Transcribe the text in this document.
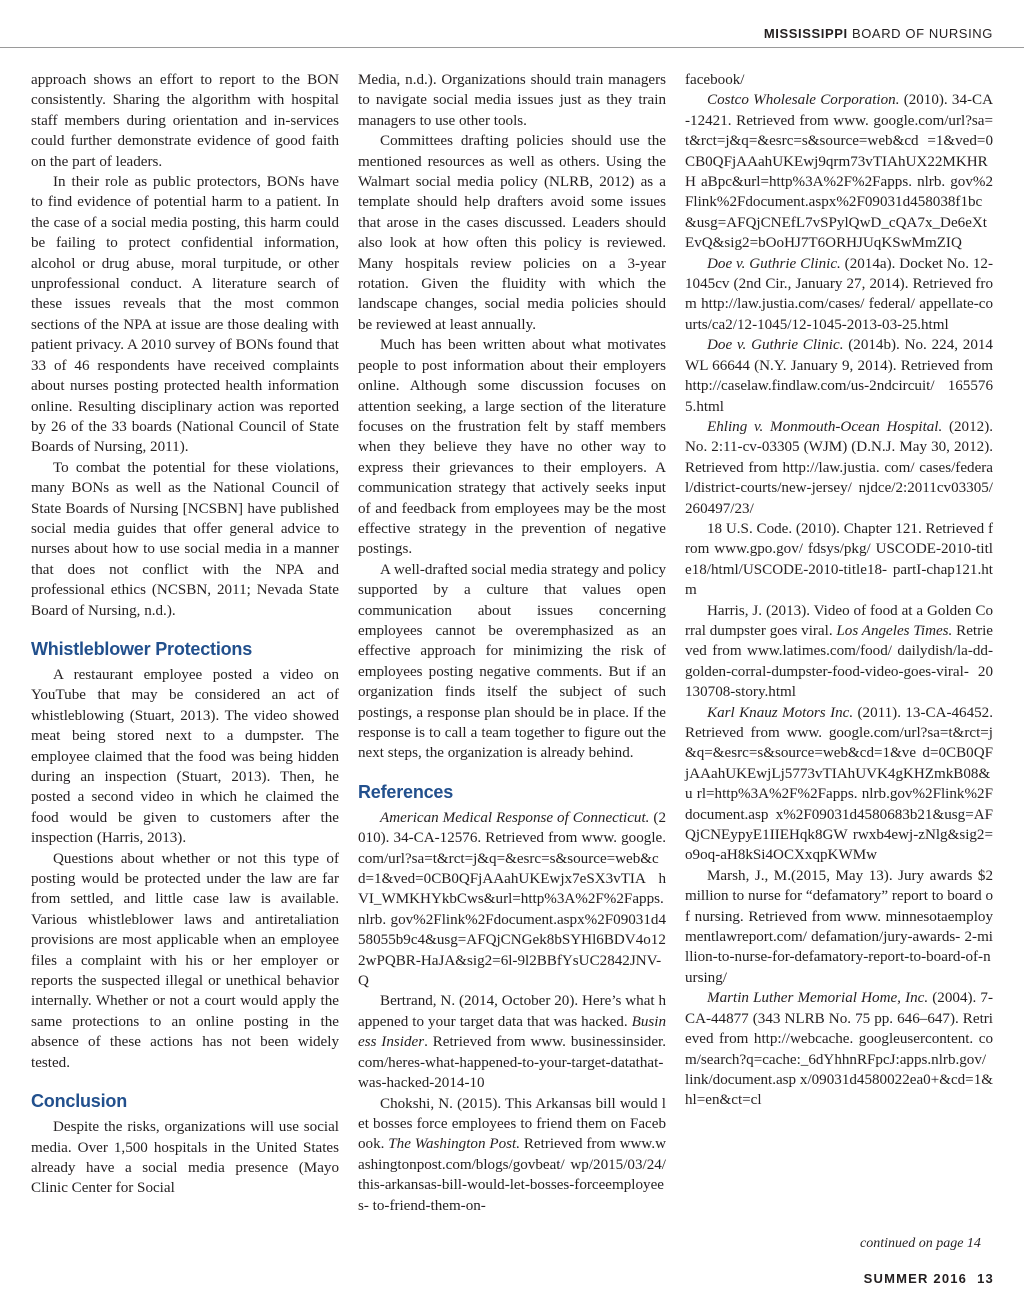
MISSISSIPPI BOARD OF NURSING

approach shows an effort to report to the BON consistently. Sharing the algorithm with hospital staff members during orientation and in-services could further demonstrate evidence of good faith on the part of leaders.

In their role as public protectors, BONs have to find evidence of potential harm to a patient. In the case of a social media posting, this harm could be failing to protect confidential information, alcohol or drug abuse, moral turpitude, or other unprofessional conduct. A literature search of these issues reveals that the most common sections of the NPA at issue are those dealing with patient privacy. A 2010 survey of BONs found that 33 of 46 respondents have received complaints about nurses posting protected health information online. Resulting disciplinary action was reported by 26 of the 33 boards (National Council of State Boards of Nursing, 2011).

To combat the potential for these violations, many BONs as well as the National Council of State Boards of Nursing [NCSBN] have published social media guides that offer general advice to nurses about how to use social media in a manner that does not conflict with the NPA and professional ethics (NCSBN, 2011; Nevada State Board of Nursing, n.d.).

Whistleblower Protections

A restaurant employee posted a video on YouTube that may be considered an act of whistleblowing (Stuart, 2013). The video showed meat being stored next to a dumpster. The employee claimed that the food was being hidden during an inspection (Stuart, 2013). Then, he posted a second video in which he claimed the food would be given to customers after the inspection (Harris, 2013).

Questions about whether or not this type of posting would be protected under the law are far from settled, and little case law is available. Various whistleblower laws and antiretaliation provisions are most applicable when an employee files a complaint with his or her employer or reports the suspected illegal or unethical behavior internally. Whether or not a court would apply the same protections to an online posting in the absence of these actions has not been widely tested.

Conclusion

Despite the risks, organizations will use social media. Over 1,500 hospitals in the United States already have a social media presence (Mayo Clinic Center for Social

Media, n.d.). Organizations should train managers to navigate social media issues just as they train managers to use other tools.

Committees drafting policies should use the mentioned resources as well as others. Using the Walmart social media policy (NLRB, 2012) as a template should help drafters avoid some issues that arose in the cases discussed. Leaders should also look at how often this policy is reviewed. Many hospitals review policies on a 3-year rotation. Given the fluidity with which the landscape changes, social media policies should be reviewed at least annually.

Much has been written about what motivates people to post information about their employers online. Although some discussion focuses on attention seeking, a large section of the literature focuses on the frustration felt by staff members when they believe they have no other way to express their grievances to their employers. A communication strategy that actively seeks input of and feedback from employees may be the most effective strategy in the prevention of negative postings.

A well-drafted social media strategy and policy supported by a culture that values open communication about issues concerning employees cannot be overemphasized as an effective approach for minimizing the risk of employees posting negative comments. But if an organization finds itself the subject of such postings, a response plan should be in place. If the response is to call a team together to figure out the next steps, the organization is already behind.

References

American Medical Response of Connecticut. (2010). 34-CA-12576. Retrieved from www. google.com/url?sa=t&rct=j&q=&esrc=s&source=web&cd=1&ved=0CB0QFjAAahUKEwjx7eSX3vTIA hVI_WMKHYkbCws&url=http%3A%2F%2Fapps.nlrb. gov%2Flink%2Fdocument.aspx%2F09031d458055b9c4&usg=AFQjCNGek8bSYHl6BDV4o122wPQBR-HaJA&sig2=6l-9l2BBfYsUC2842JNV-Q

Bertrand, N. (2014, October 20). Here’s what happened to your target data that was hacked. Business Insider. Retrieved from www. businessinsider.com/heres-what-happened-to-your-target-datathat- was-hacked-2014-10

Chokshi, N. (2015). This Arkansas bill would let bosses force employees to friend them on Facebook. The Washington Post. Retrieved from www.washingtonpost.com/blogs/govbeat/ wp/2015/03/24/this-arkansas-bill-would-let-bosses-forceemployees- to-friend-them-on-

facebook/

Costco Wholesale Corporation. (2010). 34-CA-12421. Retrieved from www. google.com/url?sa=t&rct=j&q=&esrc=s&source=web&cd =1&ved=0CB0QFjAAahUKEwj9qrm73vTIAhUX22MKHRH aBpc&url=http%3A%2F%2Fapps. nlrb. gov%2Flink%2Fdocument.aspx%2F09031d458038f1bc&usg=AFQjCNEfL7vSPylQwD_cQA7x_De6eXtEvQ&sig2=bOoHJ7T6ORHJUqKSwMmZIQ

Doe v. Guthrie Clinic. (2014a). Docket No. 12-1045cv (2nd Cir., January 27, 2014). Retrieved from http://law.justia.com/cases/ federal/ appellate-courts/ca2/12-1045/12-1045-2013-03-25.html

Doe v. Guthrie Clinic. (2014b). No. 224, 2014 WL 66644 (N.Y. January 9, 2014). Retrieved from http://caselaw.findlaw.com/us-2ndcircuit/ 1655765.html

Ehling v. Monmouth-Ocean Hospital. (2012). No. 2:11-cv-03305 (WJM) (D.N.J. May 30, 2012). Retrieved from http://law.justia. com/ cases/federal/district-courts/new-jersey/ njdce/2:2011cv03305/260497/23/

18 U.S. Code. (2010). Chapter 121. Retrieved from www.gpo.gov/ fdsys/pkg/ USCODE-2010-title18/html/USCODE-2010-title18- partI-chap121.htm

Harris, J. (2013). Video of food at a Golden Corral dumpster goes viral. Los Angeles Times. Retrieved from www.latimes.com/food/ dailydish/la-dd-golden-corral-dumpster-food-video-goes-viral- 20130708-story.html

Karl Knauz Motors Inc. (2011). 13-CA-46452. Retrieved from www. google.com/url?sa=t&rct=j&q=&esrc=s&source=web&cd=1&ve d=0CB0QFjAAahUKEwjLj5773vTIAhUVK4gKHZmkB08&u rl=http%3A%2F%2Fapps. nlrb.gov%2Flink%2Fdocument.asp x%2F09031d4580683b21&usg=AFQjCNEypyE1IIEHqk8GW rwxb4ewj-zNlg&sig2=o9oq-aH8kSi4OCXxqpKWMw

Marsh, J., M.(2015, May 13). Jury awards $2 million to nurse for “defamatory” report to board of nursing. Retrieved from www. minnesotaemploymentlawreport.com/ defamation/jury-awards- 2-million-to-nurse-for-defamatory-report-to-board-of-nursing/

Martin Luther Memorial Home, Inc. (2004). 7-CA-44877 (343 NLRB No. 75 pp. 646–647). Retrieved from http://webcache. googleusercontent. com/search?q=cache:_6dYhhnRFpcJ:apps.nlrb.gov/ link/document.asp x/09031d4580022ea0+&cd=1&hl=en&ct=cl

continued on page 14
SUMMER 2016 13
